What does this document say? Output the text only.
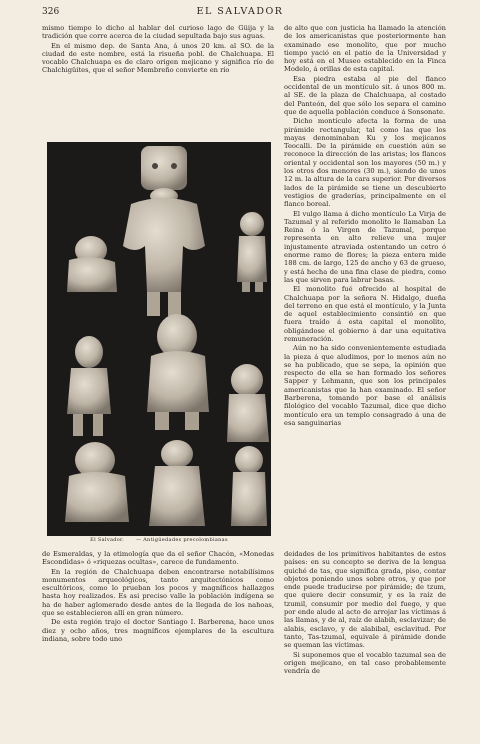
326	EL SALVADOR

mismo tiempo lo dicho al hablar del curioso lago de Güija y la tradición que corre acerca de la ciudad sepultada bajo sus aguas.

En el mismo dep. de Santa Ana, á unos 20 km. al SO. de la ciudad de este nombre, está la risueña pobl. de Chalchuapa. El vocablo Chalchuapa es de claro origen mejicano y significa río de Chalchigüites, que el señor Membreño convierte en río

de alto que con justicia ha llamado la atención de los americanistas que posteriormente han examinado ese monolito, que por mucho tiempo yació en el patio de la Universidad y hoy está en el Museo establecido en la Finca Modelo, á orillas de esta capital.

Esa piedra estaba al pie del flanco occidental de un montículo sit. á unos 800 m. al SE. de la plaza de Chalchuapa, al costado del Panteón, del que sólo los separa el camino que de aquella población conduce á Sonsonate.

Dicho montículo afecta la forma de una pirámide rectangular, tal como las que los mayas denominaban Ku y los mejicanos Teocalli. De la pirámide en cuestión aún se reconoce la dirección de las aristas; los flancos oriental y occidental son los mayores (50 m.) y los otros dos menores (30 m.), siendo de unos 12 m. la altura de la cara superior. Por diversos lados de la pirámide se tiene un descubierto vestigios de graderías, principalmente en el flanco boreal.

El vulgo llama á dicho montículo La Virja de Tazumal y al referido monolito le llamaban La Reina ó la Virgen de Tazumal, porque representa en alto relieve una mujer injustamente atraviada ostentando un cetro ó enorme ramo de flores; la pieza entera mide 188 cm. de largo, 125 de ancho y 63 de grueso, y está hecha de una fina clase de piedra, como las que sirven para labrar basas.

El monolito fué ofrecido al hospital de Chalchuapa por la señora N. Hidalgo, dueña del terreno en que está el montículo, y la Junta de aquel establecimiento consintió en que fuera traído á esta capital el monolito, obligándose el gobierno á dar una equitativa remuneración.

Aún no ha sido convenientemente estudiada la pieza á que aludimos, por lo menos aún no se ha publicado, que se sepa, la opinión que respecto de ella se han formado los señores Sapper y Lehmann, que son los principales americanistas que la han examinado. El señor Barberena, tomando por base el análisis filológico del vocablo Tazumal, dice que dicho montículo era un templo consagrado á una de esa sanguinarias

El Salvador. — Antigüedades precolombianas

de Esmeraldas, y la etimología que da el señor Chacón, «Monedas Escondidas» ó «riquezas ocultas», carece de fundamento.

En la región de Chalchuapa deben encontrarse notabilísimos monumentos arqueológicos, tanto arquitectónicos como escultóricos, como lo prueban los pocos y magníficos hallazgos hasta hoy realizados. Es asi preciso valle la población indígena se ha de haber aglomerado desde antes de la llegada de los nahoas, que se establecieron allí en gran número.

De esta región trajo el doctor Santiago I. Barberena, hace unos diez y ocho años, tres magníficos ejemplares de la escultura indiana, sobre todo uno

deidades de los primitivos habitantes de estos países: en su concepto se deriva de la lengua quiché de tas, que significa grada, piso, contar objetos poniendo unos sobre otros, y que por ende puede traducirse por pirámide; de tzum, que quiere decir consumir, y es la raíz de tzumil, consumir por medio del fuego, y que por ende alude al acto de arrojar las víctimas á las llamas, y de al, raíz de alabih, esclavizar; de alabis, esclavo, y de alabibal, esclavitud. Por tanto, Tas-tzumal, equivale á pirámide donde se queman las víctimas.

Si suponemos que el vocablo tazumal sea de origen mejicano, en tal caso probablemente vendría de
